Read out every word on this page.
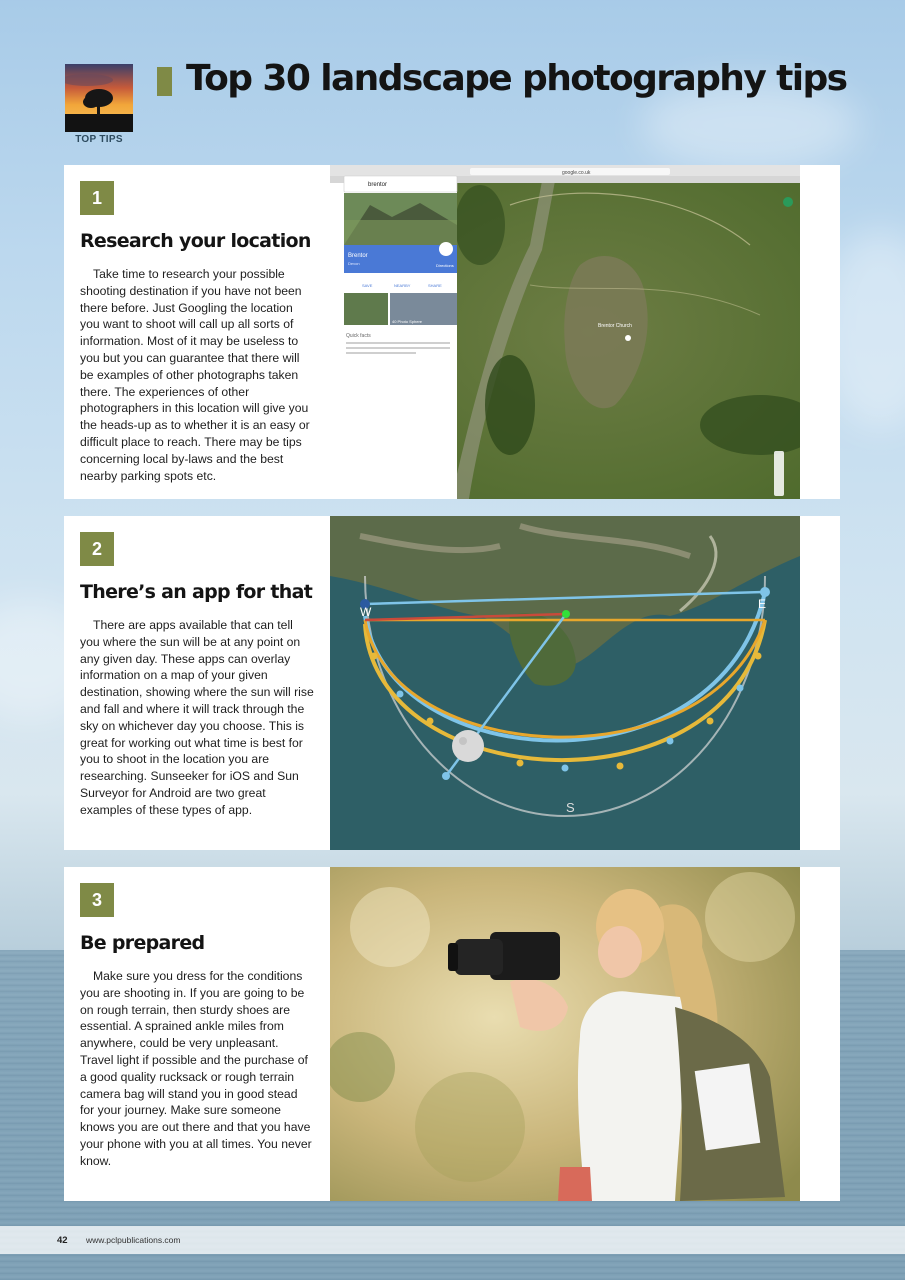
TOP TIPS
Top 30 landscape photography tips
1
Research your location

Take time to research your possible shooting destination if you have not been there before. Just Googling the location you want to shoot will call up all sorts of information. Most of it may be useless to you but you can guarantee that there will be examples of other photographs taken there. The experiences of other photographers in this location will give you the heads-up as to whether it is an easy or difficult place to reach. There may be tips concerning local by-laws and the best nearby parking spots etc.

Brentor Church
google.co.uk
brentor
Brentor
Devon	Directions
SAVE	NEARBY	SHARE
40 Photo Sphere
Quick facts
2
There’s an app for that

There are apps available that can tell you where the sun will be at any point on any given day. These apps can overlay information on a map of your given destination, showing where the sun will rise and fall and where it will track through the sky on whichever day you choose. This is great for working out what time is best for you to shoot in the location you are researching. Sunseeker for iOS and Sun Surveyor for Android are two great examples of these types of app.

W
E
S
3
Be prepared

Make sure you dress for the conditions you are shooting in. If you are going to be on rough terrain, then sturdy shoes are essential. A sprained ankle miles from anywhere, could be very unpleasant. Travel light if possible and the purchase of a good quality rucksack or rough terrain camera bag will stand you in good stead for your journey. Make sure someone knows you are out there and that you have your phone with you at all times. You never know.

42 www.pclpublications.com
